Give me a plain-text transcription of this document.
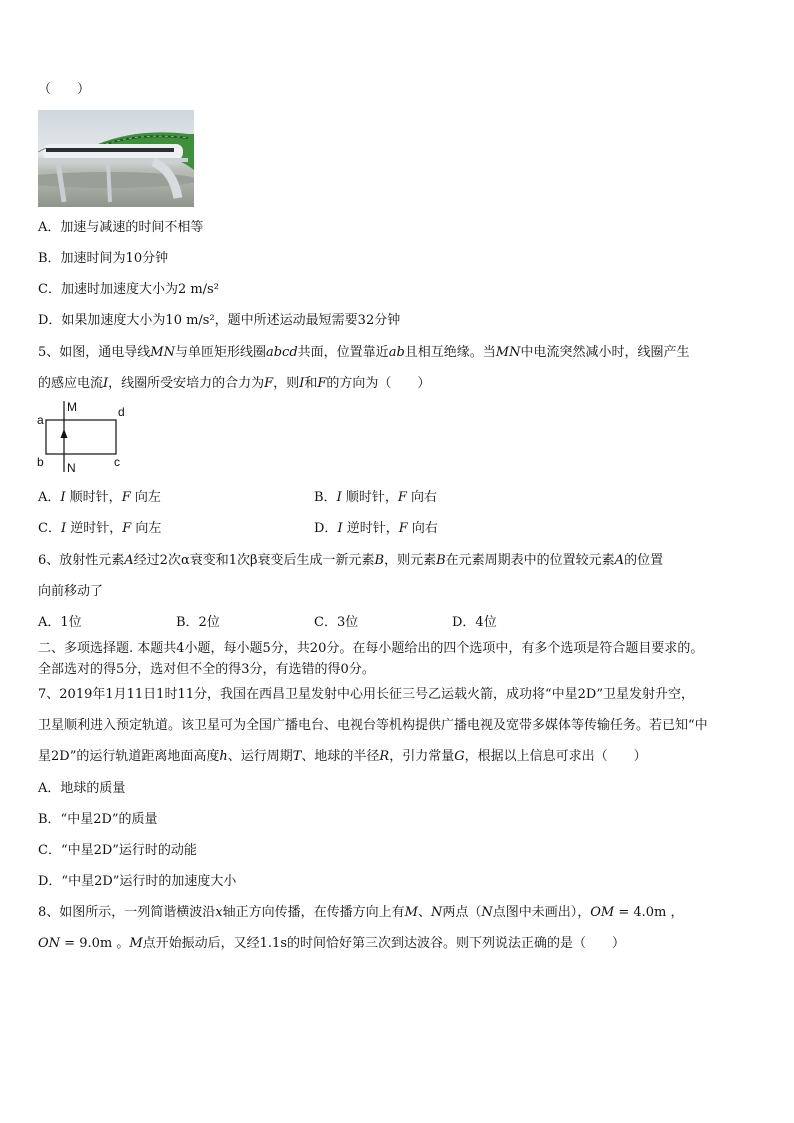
（　　）
A．加速与减速的时间不相等
B．加速时间为10分钟
C．加速时加速度大小为2 m/s²
D．如果加速度大小为10 m/s²，题中所述运动最短需要32分钟
5、如图，通电导线MN与单匝矩形线圈abcd共面，位置靠近ab且相互绝缘。当MN中电流突然减小时，线圈产生
的感应电流I，线圈所受安培力的合力为F，则I和F的方向为（　　）
M
N
a
d
b	c
A．I 顺时针，F 向左	B．I 顺时针，F 向右
C．I 逆时针，F 向左	D．I 逆时针，F 向右
6、放射性元素A经过2次α衰变和1次β衰变后生成一新元素B，则元素B在元素周期表中的位置较元素A的位置
向前移动了
A．1位	B．2位	C．3位	D．4位
二、多项选择题. 本题共4小题，每小题5分，共20分。在每小题给出的四个选项中，有多个选项是符合题目要求的。
全部选对的得5分，选对但不全的得3分，有选错的得0分。
7、2019年1月11日1时11分，我国在西昌卫星发射中心用长征三号乙运载火箭，成功将“中星2D”卫星发射升空，
卫星顺利进入预定轨道。该卫星可为全国广播电台、电视台等机构提供广播电视及宽带多媒体等传输任务。若已知“中
星2D”的运行轨道距离地面高度h、运行周期T、地球的半径R，引力常量G，根据以上信息可求出（　　）
A．地球的质量
B．“中星2D”的质量
C．“中星2D”运行时的动能
D．“中星2D”运行时的加速度大小
8、如图所示，一列简谐横波沿x轴正方向传播，在传播方向上有M、N两点（N点图中未画出），OM = 4.0m ，
ON = 9.0m 。M点开始振动后，又经1.1s的时间恰好第三次到达波谷。则下列说法正确的是（　　）
